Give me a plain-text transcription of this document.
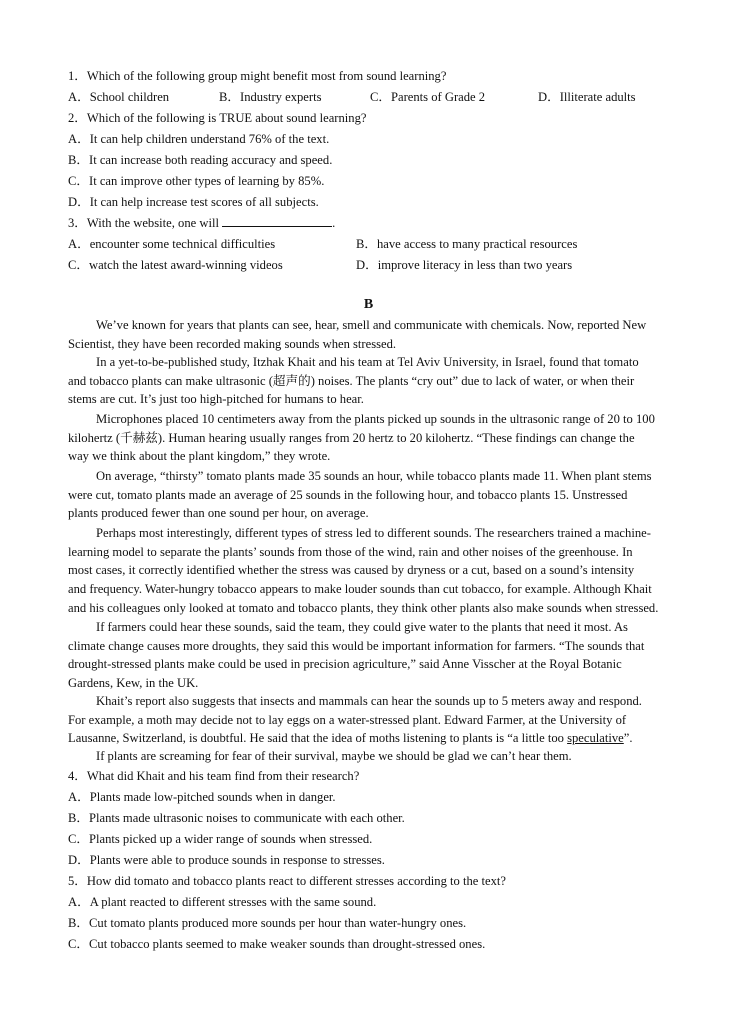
1．Which of the following group might benefit most from sound learning?
A．School children	B．Industry experts	C．Parents of Grade 2	D．Illiterate adults
2．Which of the following is TRUE about sound learning?
A．It can help children understand 76% of the text.
B．It can increase both reading accuracy and speed.
C．It can improve other types of learning by 85%.
D．It can help increase test scores of all subjects.
3．With the website, one will	.
A．encounter some technical difficulties	B．have access to many practical resources
C．watch the latest award-winning videos	D．improve literacy in less than two years
B
We’ve known for years that plants can see, hear, smell and communicate with chemicals. Now, reported New
Scientist, they have been recorded making sounds when stressed.
In a yet-to-be-published study, Itzhak Khait and his team at Tel Aviv University, in Israel, found that tomato
and tobacco plants can make ultrasonic (超声的) noises. The plants “cry out” due to lack of water, or when their
stems are cut. It’s just too high-pitched for humans to hear.
Microphones placed 10 centimeters away from the plants picked up sounds in the ultrasonic range of 20 to 100
kilohertz (千赫兹). Human hearing usually ranges from 20 hertz to 20 kilohertz. “These findings can change the
way we think about the plant kingdom,” they wrote.
On average, “thirsty” tomato plants made 35 sounds an hour, while tobacco plants made 11. When plant stems
were cut, tomato plants made an average of 25 sounds in the following hour, and tobacco plants 15. Unstressed
plants produced fewer than one sound per hour, on average.
Perhaps most interestingly, different types of stress led to different sounds. The researchers trained a machine-
learning model to separate the plants’ sounds from those of the wind, rain and other noises of the greenhouse. In
most cases, it correctly identified whether the stress was caused by dryness or a cut, based on a sound’s intensity
and frequency. Water-hungry tobacco appears to make louder sounds than cut tobacco, for example. Although Khait
and his colleagues only looked at tomato and tobacco plants, they think other plants also make sounds when stressed.
If farmers could hear these sounds, said the team, they could give water to the plants that need it most. As
climate change causes more droughts, they said this would be important information for farmers. “The sounds that
drought-stressed plants make could be used in precision agriculture,” said Anne Visscher at the Royal Botanic
Gardens, Kew, in the UK.
Khait’s report also suggests that insects and mammals can hear the sounds up to 5 meters away and respond.
For example, a moth may decide not to lay eggs on a water-stressed plant. Edward Farmer, at the University of
Lausanne, Switzerland, is doubtful. He said that the idea of moths listening to plants is “a little too speculative”.
If plants are screaming for fear of their survival, maybe we should be glad we can’t hear them.
4．What did Khait and his team find from their research?
A．Plants made low-pitched sounds when in danger.
B．Plants made ultrasonic noises to communicate with each other.
C．Plants picked up a wider range of sounds when stressed.
D．Plants were able to produce sounds in response to stresses.
5．How did tomato and tobacco plants react to different stresses according to the text?
A．A plant reacted to different stresses with the same sound.
B．Cut tomato plants produced more sounds per hour than water-hungry ones.
C．Cut tobacco plants seemed to make weaker sounds than drought-stressed ones.
